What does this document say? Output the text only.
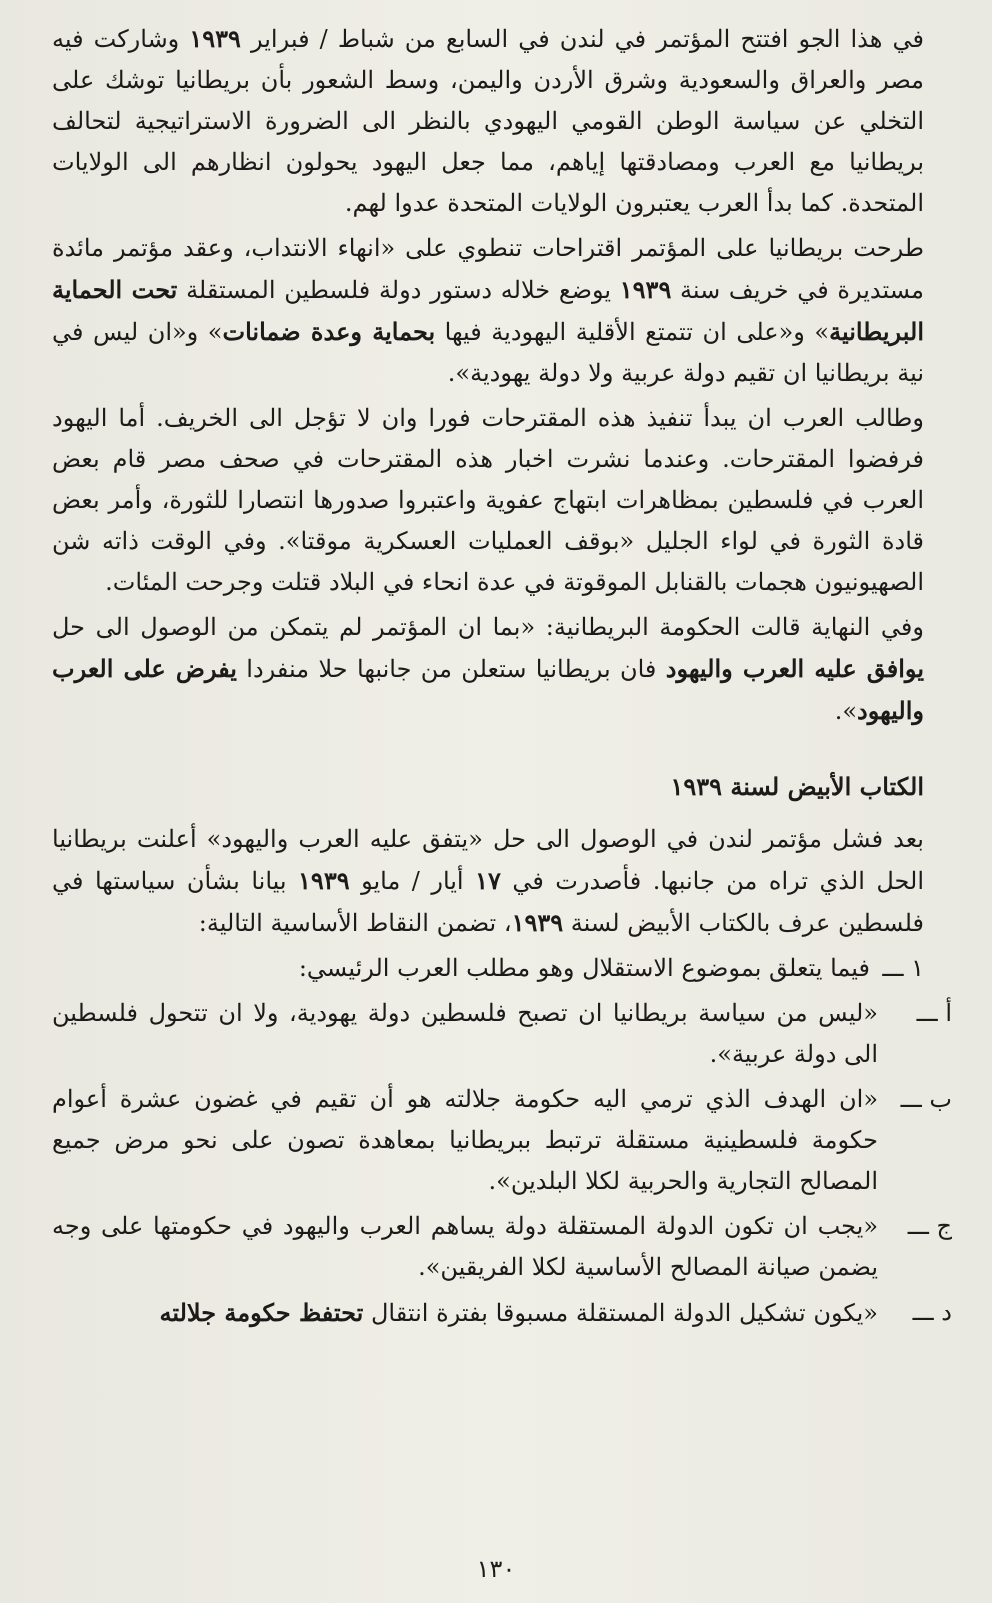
في هذا الجو افتتح المؤتمر في لندن في السابع من شباط / فبراير ١٩٣٩ وشاركت فيه مصر والعراق والسعودية وشرق الأردن واليمن، وسط الشعور بأن بريطانيا توشك على التخلي عن سياسة الوطن القومي اليهودي بالنظر الى الضرورة الاستراتيجية لتحالف بريطانيا مع العرب ومصادقتها إياهم، مما جعل اليهود يحولون انظارهم الى الولايات المتحدة. كما بدأ العرب يعتبرون الولايات المتحدة عدوا لهم.

طرحت بريطانيا على المؤتمر اقتراحات تنطوي على «انهاء الانتداب، وعقد مؤتمر مائدة مستديرة في خريف سنة ١٩٣٩ يوضع خلاله دستور دولة فلسطين المستقلة تحت الحماية البريطانية» و«على ان تتمتع الأقلية اليهودية فيها بحماية وعدة ضمانات» و«ان ليس في نية بريطانيا ان تقيم دولة عربية ولا دولة يهودية».

وطالب العرب ان يبدأ تنفيذ هذه المقترحات فورا وان لا تؤجل الى الخريف. أما اليهود فرفضوا المقترحات. وعندما نشرت اخبار هذه المقترحات في صحف مصر قام بعض العرب في فلسطين بمظاهرات ابتهاج عفوية واعتبروا صدورها انتصارا للثورة، وأمر بعض قادة الثورة في لواء الجليل «بوقف العمليات العسكرية موقتا». وفي الوقت ذاته شن الصهيونيون هجمات بالقنابل الموقوتة في عدة انحاء في البلاد قتلت وجرحت المئات.

وفي النهاية قالت الحكومة البريطانية: «بما ان المؤتمر لم يتمكن من الوصول الى حل يوافق عليه العرب واليهود فان بريطانيا ستعلن من جانبها حلا منفردا يفرض على العرب واليهود».

الكتاب الأبيض لسنة ١٩٣٩

بعد فشل مؤتمر لندن في الوصول الى حل «يتفق عليه العرب واليهود» أعلنت بريطانيا الحل الذي تراه من جانبها. فأصدرت في ١٧ أيار / مايو ١٩٣٩ بيانا بشأن سياستها في فلسطين عرف بالكتاب الأبيض لسنة ١٩٣٩، تضمن النقاط الأساسية التالية:

١ ـــ
فيما يتعلق بموضوع الاستقلال وهو مطلب العرب الرئيسي:
أ ـــ
«ليس من سياسة بريطانيا ان تصبح فلسطين دولة يهودية، ولا ان تتحول فلسطين الى دولة عربية».
ب ـــ
«ان الهدف الذي ترمي اليه حكومة جلالته هو أن تقيم في غضون عشرة أعوام حكومة فلسطينية مستقلة ترتبط ببريطانيا بمعاهدة تصون على نحو مرض جميع المصالح التجارية والحربية لكلا البلدين».
ج ـــ
«يجب ان تكون الدولة المستقلة دولة يساهم العرب واليهود في حكومتها على وجه يضمن صيانة المصالح الأساسية لكلا الفريقين».
د ـــ
«يكون تشكيل الدولة المستقلة مسبوقا بفترة انتقال تحتفظ حكومة جلالته
١٣٠
